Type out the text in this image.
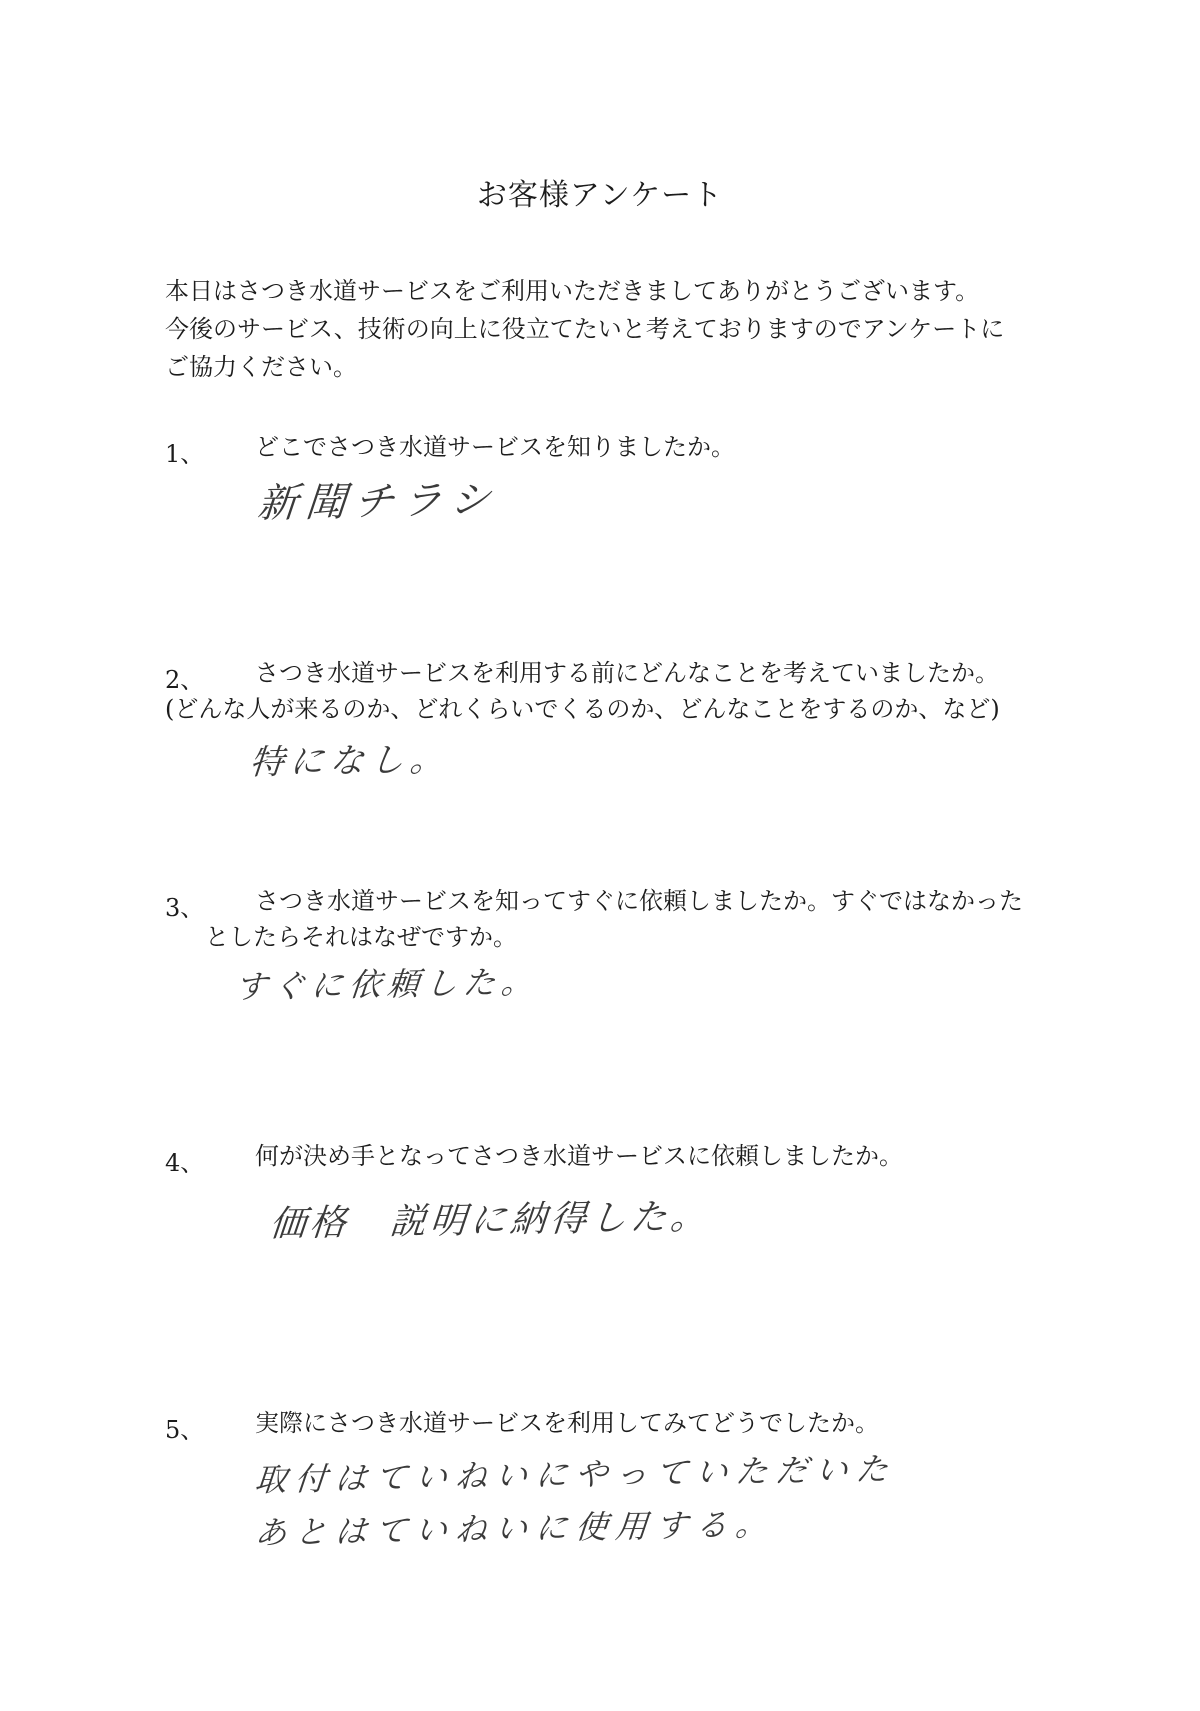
お客様アンケート
本日はさつき水道サービスをご利用いただきましてありがとうございます。
今後のサービス、技術の向上に役立てたいと考えておりますのでアンケートに
ご協力ください。
1、 どこでさつき水道サービスを知りましたか。
新聞チラシ
2、 さつき水道サービスを利用する前にどんなことを考えていましたか。
(どんな人が来るのか、どれくらいでくるのか、どんなことをするのか、など)
特になし。
3、 さつき水道サービスを知ってすぐに依頼しましたか。すぐではなかった
としたらそれはなぜですか。
すぐに依頼した。
4、 何が決め手となってさつき水道サービスに依頼しましたか。
価格　説明に納得した。
5、 実際にさつき水道サービスを利用してみてどうでしたか。
取付はていねいにやっていただいた
あとはていねいに使用する。
